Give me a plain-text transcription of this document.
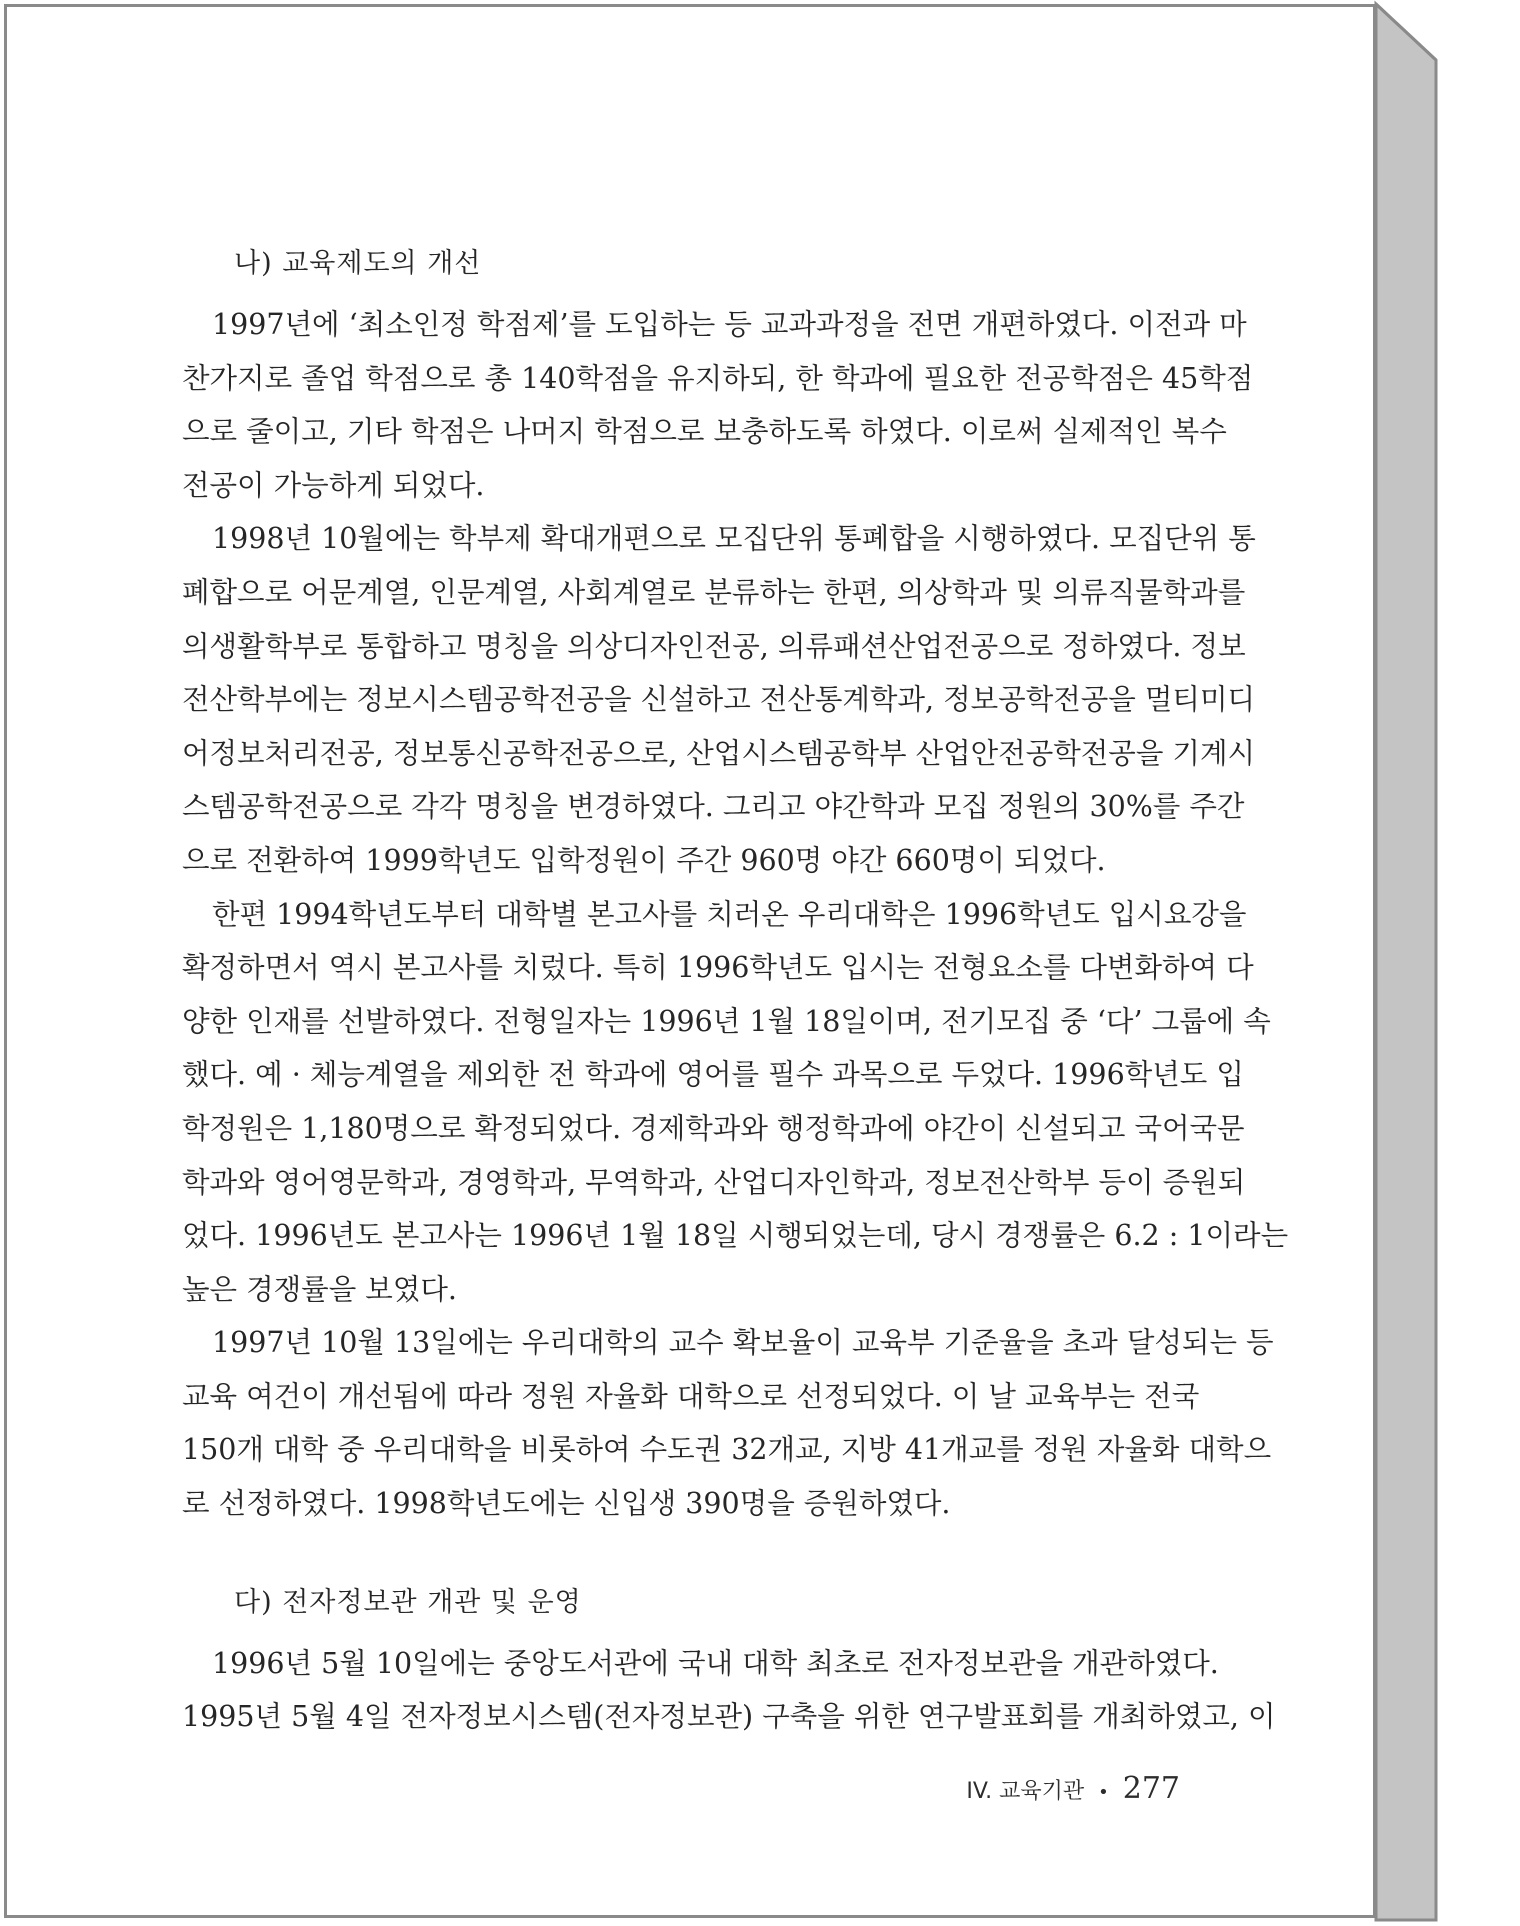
나) 교육제도의 개선

1997년에 ‘최소인정 학점제’를 도입하는 등 교과과정을 전면 개편하였다. 이전과 마
찬가지로 졸업 학점으로 총 140학점을 유지하되, 한 학과에 필요한 전공학점은 45학점
으로 줄이고, 기타 학점은 나머지 학점으로 보충하도록 하였다. 이로써 실제적인 복수
전공이 가능하게 되었다.

1998년 10월에는 학부제 확대개편으로 모집단위 통폐합을 시행하였다. 모집단위 통
폐합으로 어문계열, 인문계열, 사회계열로 분류하는 한편, 의상학과 및 의류직물학과를
의생활학부로 통합하고 명칭을 의상디자인전공, 의류패션산업전공으로 정하였다. 정보
전산학부에는 정보시스템공학전공을 신설하고 전산통계학과, 정보공학전공을 멀티미디
어정보처리전공, 정보통신공학전공으로, 산업시스템공학부 산업안전공학전공을 기계시
스템공학전공으로 각각 명칭을 변경하였다. 그리고 야간학과 모집 정원의 30%를 주간
으로 전환하여 1999학년도 입학정원이 주간 960명 야간 660명이 되었다.

한편 1994학년도부터 대학별 본고사를 치러온 우리대학은 1996학년도 입시요강을
확정하면서 역시 본고사를 치렀다. 특히 1996학년도 입시는 전형요소를 다변화하여 다
양한 인재를 선발하였다. 전형일자는 1996년 1월 18일이며, 전기모집 중 ‘다’ 그룹에 속
했다. 예 · 체능계열을 제외한 전 학과에 영어를 필수 과목으로 두었다. 1996학년도 입
학정원은 1,180명으로 확정되었다. 경제학과와 행정학과에 야간이 신설되고 국어국문
학과와 영어영문학과, 경영학과, 무역학과, 산업디자인학과, 정보전산학부 등이 증원되
었다. 1996년도 본고사는 1996년 1월 18일 시행되었는데, 당시 경쟁률은 6.2 : 1이라는
높은 경쟁률을 보였다.

1997년 10월 13일에는 우리대학의 교수 확보율이 교육부 기준율을 초과 달성되는 등
교육 여건이 개선됨에 따라 정원 자율화 대학으로 선정되었다. 이 날 교육부는 전국
150개 대학 중 우리대학을 비롯하여 수도권 32개교, 지방 41개교를 정원 자율화 대학으
로 선정하였다. 1998학년도에는 신입생 390명을 증원하였다.

다) 전자정보관 개관 및 운영

1996년 5월 10일에는 중앙도서관에 국내 대학 최초로 전자정보관을 개관하였다.
1995년 5월 4일 전자정보시스템(전자정보관) 구축을 위한 연구발표회를 개최하였고, 이

IV. 교육기관 • 277
